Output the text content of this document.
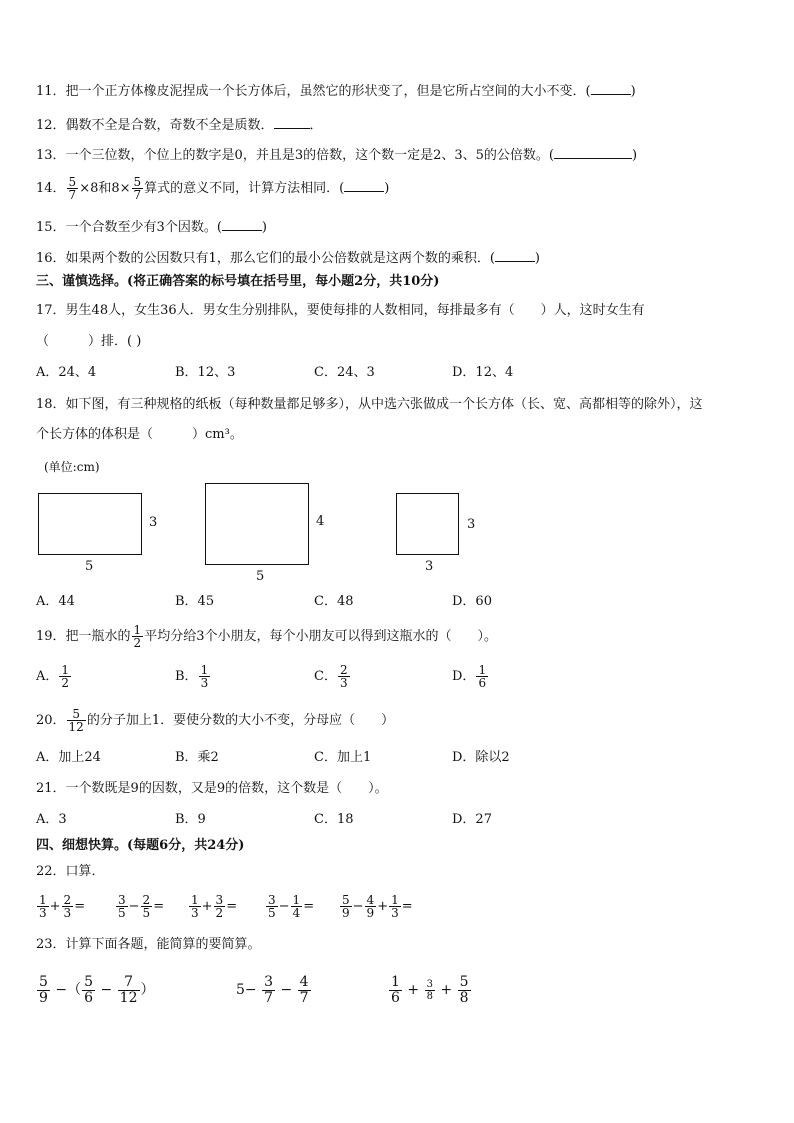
11．把一个正方体橡皮泥捏成一个长方体后，虽然它的形状变了，但是它所占空间的大小不变．(	)
12．偶数不全是合数，奇数不全是质数．	．
13．一个三位数，个位上的数字是0，并且是3的倍数，这个数一定是2、3、5的公倍数。(	)
14． $\frac{5}{7} \times 8$和$8\times \frac{5}{7}$ 算式的意义不同，计算方法相同．(	)
15．一个合数至少有3个因数。(	)
16．如果两个数的公因数只有1，那么它们的最小公倍数就是这两个数的乘积．(	)
三、谨慎选择。(将正确答案的标号填在括号里，每小题2分，共10分)
17．男生48人，女生36人．男女生分别排队，要使每排的人数相同，每排最多有（　　）人，这时女生有
（　　　）排．( )
A．24、4	B．12、3	C．24、3	D．12、4
18．如下图，有三种规格的纸板（每种数量都足够多），从中选六张做成一个长方体（长、宽、高都相等的除外），这
个长方体的体积是（　　　）cm³。
(单位:cm)
3
5
4
5
3
3
A．44	B．45	C．48	D．60
19．把一瓶水的 $\frac{1}{2}$ 平均分给3个小朋友，每个小朋友可以得到这瓶水的（　　）。
A． $\frac{1}{2}$	B． $\frac{1}{3}$	C． $\frac{2}{3}$	D． $\frac{1}{6}$
20． $\frac{5}{12}$ 的分子加上1．要使分数的大小不变，分母应（　　）
A．加上24	B．乘2	C．加上1	D．除以2
21．一个数既是9的因数，又是9的倍数，这个数是（　　）。
A．3	B．9	C．18	D．27
四、细想快算。(每题6分，共24分)
22．口算．
$\frac{1}{3} + \frac{2}{3}$ =	$\frac{3}{5} - \frac{2}{5} = \frac{1}{3} + \frac{3}{2} = \frac{3}{5} - \frac{1}{4} = \frac{5}{9} - \frac{4}{9} + \frac{1}{3}$ =
23．计算下面各题，能简算的要简算。
$\frac{5}{9}$ −（ $\frac{5}{6} - \frac{7}{12}$ ）	$5- \frac{3}{7} - \frac{4}{7}$	$\frac{1}{6} + \frac{3}{8} + \frac{5}{8}$
